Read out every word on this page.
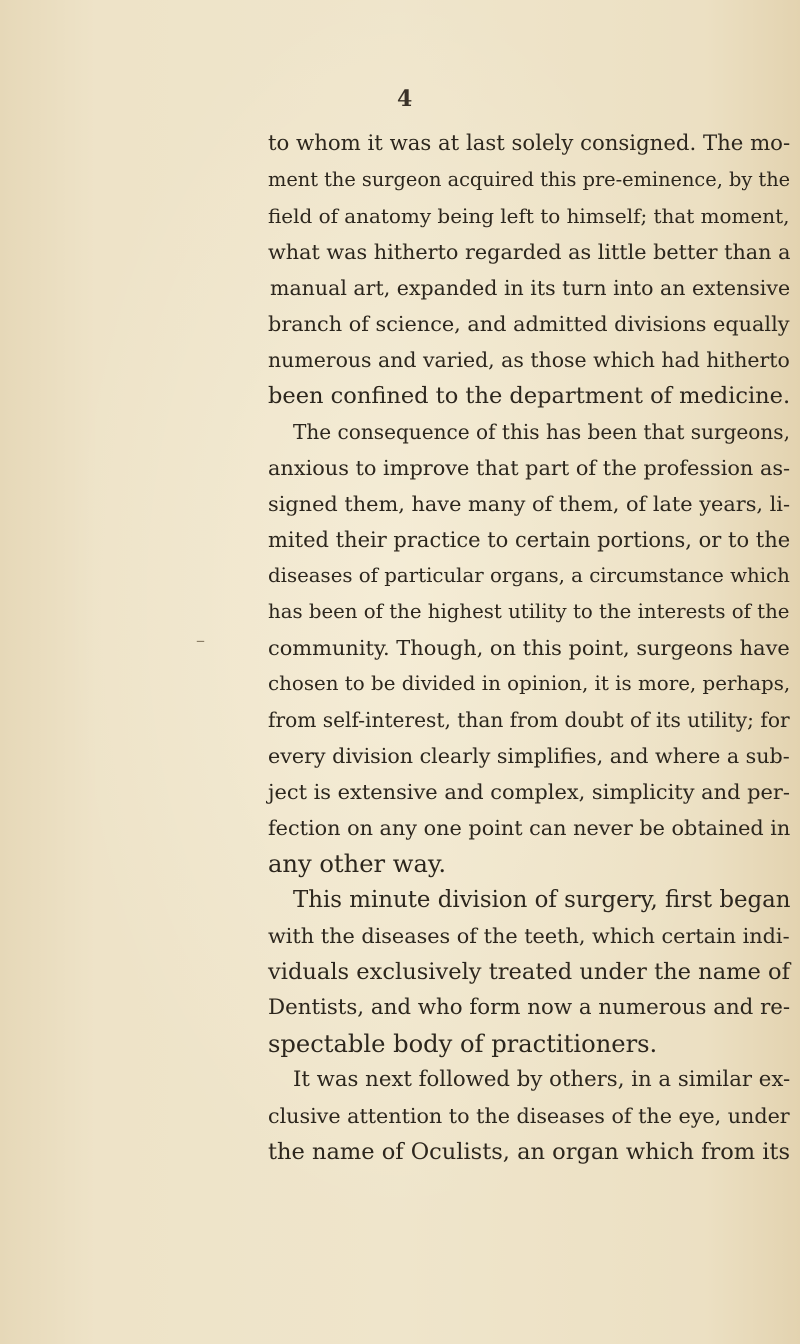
4
to whom it was at last solely consigned. The mo-
ment the surgeon acquired this pre-eminence, by the
field of anatomy being left to himself; that moment,
what was hitherto regarded as little better than a
manual art, expanded in its turn into an extensive
branch of science, and admitted divisions equally
numerous and varied, as those which had hitherto
been confined to the department of medicine.
The consequence of this has been that surgeons,
anxious to improve that part of the profession as-
signed them, have many of them, of late years, li-
mited their practice to certain portions, or to the
diseases of particular organs, a circumstance which
has been of the highest utility to the interests of the
community. Though, on this point, surgeons have
chosen to be divided in opinion, it is more, perhaps,
from self-interest, than from doubt of its utility; for
every division clearly simplifies, and where a sub-
ject is extensive and complex, simplicity and per-
fection on any one point can never be obtained in
any other way.
This minute division of surgery, first began
with the diseases of the teeth, which certain indi-
viduals exclusively treated under the name of
Dentists, and who form now a numerous and re-
spectable body of practitioners.
It was next followed by others, in a similar ex-
clusive attention to the diseases of the eye, under
the name of Oculists, an organ which from its
–
